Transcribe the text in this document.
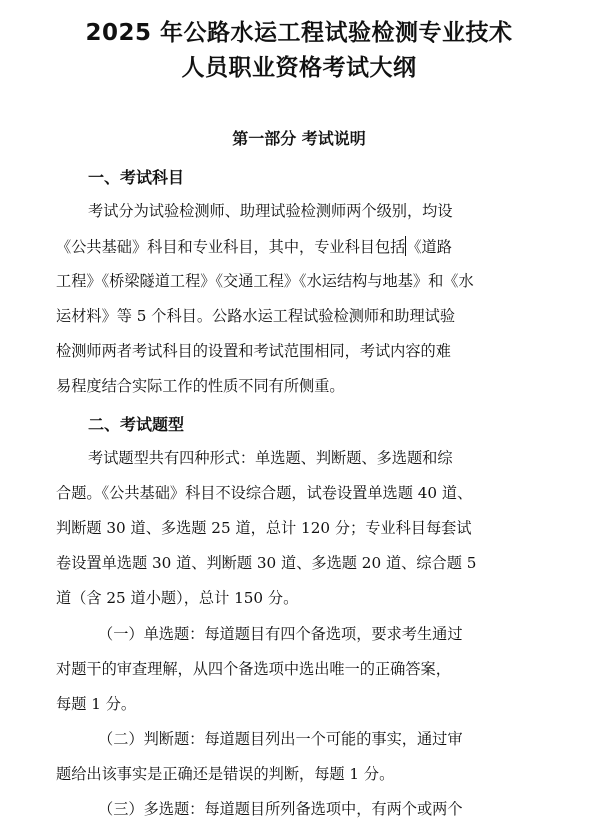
2025 年公路水运工程试验检测专业技术
人员职业资格考试大纲
第一部分 考试说明
一、考试科目
考试分为试验检测师、助理试验检测师两个级别，均设
《公共基础》科目和专业科目，其中，专业科目包括《道路
工程》《桥梁隧道工程》《交通工程》《水运结构与地基》和《水
运材料》等 5 个科目。公路水运工程试验检测师和助理试验
检测师两者考试科目的设置和考试范围相同，考试内容的难
易程度结合实际工作的性质不同有所侧重。
二、考试题型
考试题型共有四种形式：单选题、判断题、多选题和综
合题。《公共基础》科目不设综合题，试卷设置单选题 40 道、
判断题 30 道、多选题 25 道，总计 120 分；专业科目每套试
卷设置单选题 30 道、判断题 30 道、多选题 20 道、综合题 5
道（含 25 道小题），总计 150 分。
（一）单选题：每道题目有四个备选项，要求考生通过
对题干的审查理解，从四个备选项中选出唯一的正确答案，
每题 1 分。
（二）判断题：每道题目列出一个可能的事实，通过审
题给出该事实是正确还是错误的判断，每题 1 分。
（三）多选题：每道题目所列备选项中，有两个或两个
